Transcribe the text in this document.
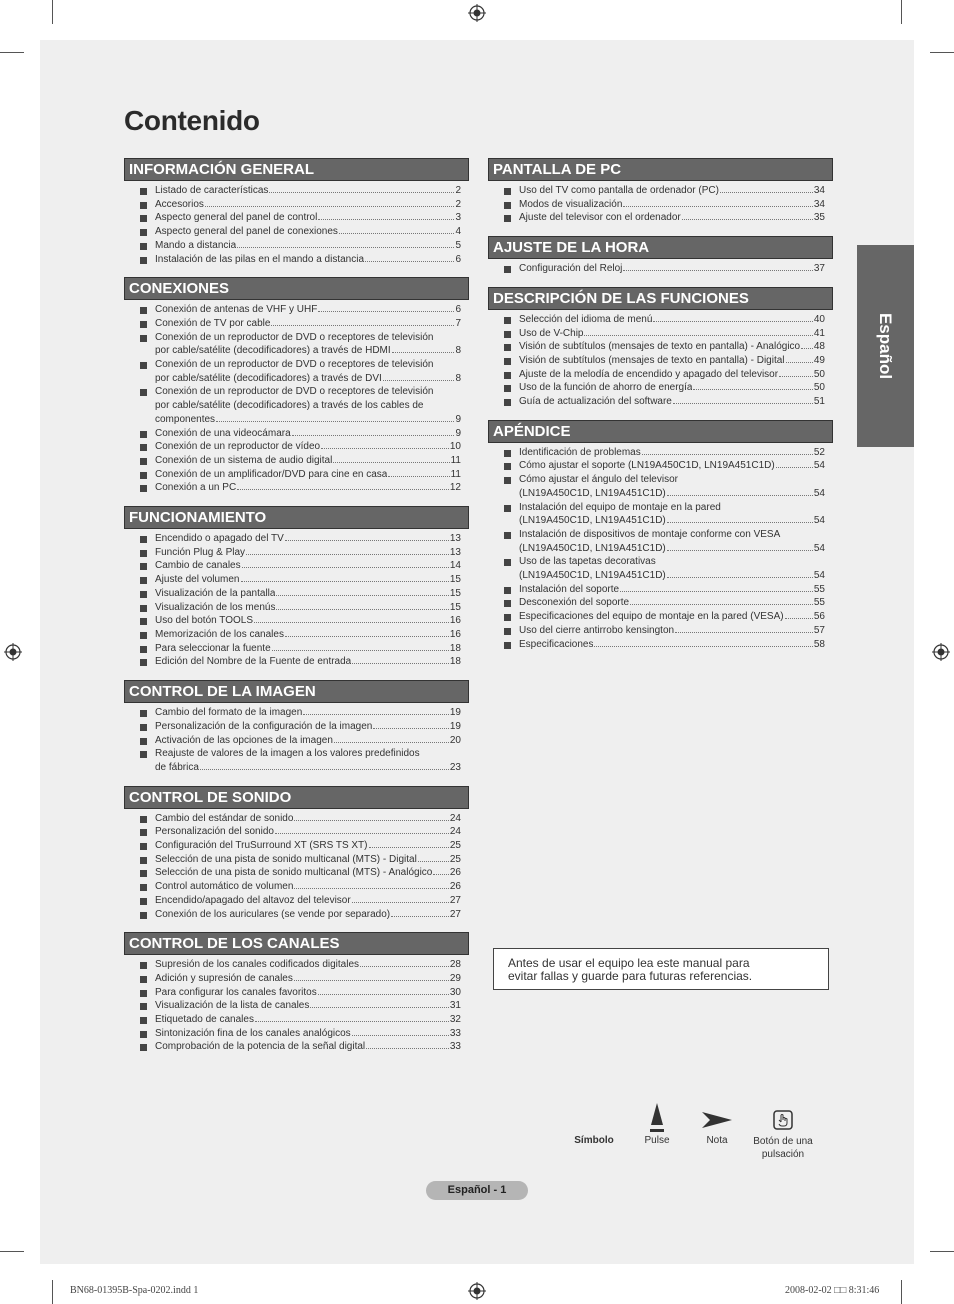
Contenido
INFORMACIÓN GENERAL
Listado de características	2
Accesorios	2
Aspecto general del panel de control	3
Aspecto general del panel de conexiones	4
Mando a distancia	5
Instalación de las pilas en el mando a distancia	6
CONEXIONES
Conexión de antenas de VHF y UHF	6
Conexión de TV por cable	7
Conexión de un reproductor de DVD o receptores de televisión
por cable/satélite (decodificadores) a través de HDMI	8
Conexión de un reproductor de DVD o receptores de televisión
por cable/satélite (decodificadores) a través de DVI	8
Conexión de un reproductor de DVD o receptores de televisión
por cable/satélite (decodificadores) a través de los cables de
componentes	9
Conexión de una videocámara	9
Conexión de un reproductor de vídeo	10
Conexión de un sistema de audio digital	11
Conexión de un amplificador/DVD para cine en casa	11
Conexión a un PC	12
FUNCIONAMIENTO
Encendido o apagado del TV	13
Función Plug & Play	13
Cambio de canales	14
Ajuste del volumen	15
Visualización de la pantalla	15
Visualización de los menús	15
Uso del botón TOOLS	16
Memorización de los canales	16
Para seleccionar la fuente	18
Edición del Nombre de la Fuente de entrada	18
CONTROL DE LA IMAGEN
Cambio del formato de la imagen	19
Personalización de la configuración de la imagen	19
Activación de las opciones de la imagen	20
Reajuste de valores de la imagen a los valores predefinidos
de fábrica	23
CONTROL DE SONIDO
Cambio del estándar de sonido	24
Personalización del sonido	24
Configuración del TruSurround XT (SRS TS XT)	25
Selección de una pista de sonido multicanal (MTS) - Digital	25
Selección de una pista de sonido multicanal (MTS) - Analógico 26
Control automático de volumen	26
Encendido/apagado del altavoz del televisor	27
Conexión de los auriculares (se vende por separado)	27
CONTROL DE LOS CANALES
Supresión de los canales codificados digitales	28
Adición y supresión de canales	29
Para configurar los canales favoritos	30
Visualización de la lista de canales	31
Etiquetado de canales	32
Sintonización fina de los canales analógicos	33
Comprobación de la potencia de la señal digital	33
PANTALLA DE PC
Uso del TV como pantalla de ordenador (PC)	34
Modos de visualización	34
Ajuste del televisor con el ordenador	35
AJUSTE DE LA HORA
Configuración del Reloj	37
DESCRIPCIÓN DE LAS FUNCIONES
Selección del idioma de menú	40
Uso de V-Chip	41
Visión de subtítulos (mensajes de texto en pantalla) - Analógico 48
Visión de subtítulos (mensajes de texto en pantalla) - Digital	49
Ajuste de la melodía de encendido y apagado del televisor	50
Uso de la función de ahorro de energía	50
Guía de actualización del software	51
APÉNDICE
Identificación de problemas	52
Cómo ajustar el soporte (LN19A450C1D, LN19A451C1D)	54
Cómo ajustar el ángulo del televisor
(LN19A450C1D, LN19A451C1D)	54
Instalación del equipo de montaje en la pared
(LN19A450C1D, LN19A451C1D)	54
Instalación de dispositivos de montaje conforme con VESA
(LN19A450C1D, LN19A451C1D)	54
Uso de las tapetas decorativas
(LN19A450C1D, LN19A451C1D)	54
Instalación del soporte	55
Desconexión del soporte	55
Especificaciones del equipo de montaje en la pared (VESA)	56
Uso del cierre antirrobo kensington	57
Especificaciones	58
Español
Antes de usar el equipo lea este manual para
evitar fallas y guarde para futuras referencias.
Símbolo	Pulse	Nota	Botón de una
pulsación
Español - 1
BN68-01395B-Spa-0202.indd 1	2008-02-02 □□ 8:31:46
